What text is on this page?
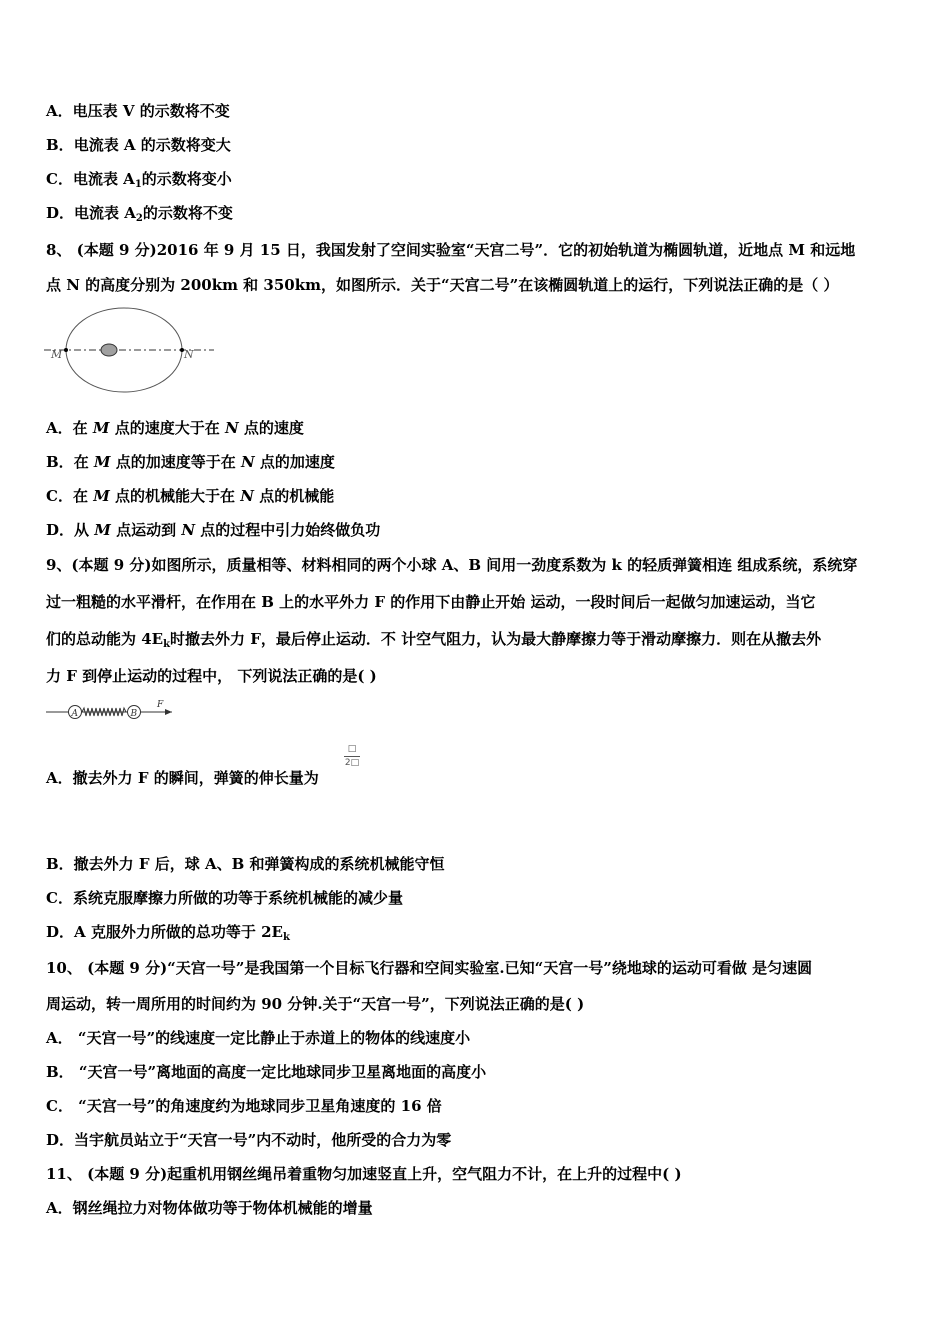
A．电压表 V 的示数将不变
B．电流表 A 的示数将变大
C．电流表 $A_1$的示数将变小
D．电流表 $A_2$的示数将不变
8、 (本题 9 分)2016 年 9 月 15 日，我国发射了空间实验室“天宫二号”．它的初始轨道为椭圆轨道，近地点 M 和远地
点 N 的高度分别为 200km 和 350km，如图所示．关于“天宫二号”在该椭圆轨道上的运行，下列说法正确的是（ ）
M	N
A．在 M 点的速度大于在 N 点的速度
B．在 M 点的加速度等于在 N 点的加速度
C．在 M 点的机械能大于在 N 点的机械能
D．从 M 点运动到 N 点的过程中引力始终做负功
9、(本题 9 分)如图所示，质量相等、材料相同的两个小球 A、B 间用一劲度系数为 k 的轻质弹簧相连 组成系统，系统穿
过一粗糙的水平滑杆，在作用在 B 上的水平外力 F 的作用下由静止开始 运动，一段时间后一起做匀加速运动，当它
们的总动能为 $4E_k$时撤去外力 F，最后停止运动．不 计空气阻力，认为最大静摩擦力等于滑动摩擦力．则在从撤去外
力 F 到停止运动的过程中， 下列说法正确的是( )
A	B
F
A．撤去外力 F 的瞬间，弹簧的伸长量为
□
2□
B．撤去外力 F 后，球 A、B 和弹簧构成的系统机械能守恒
C．系统克服摩擦力所做的功等于系统机械能的减少量
D．A 克服外力所做的总功等于 $2E_k$
10、 (本题 9 分)“天宫一号”是我国第一个目标飞行器和空间实验室.已知“天宫一号”绕地球的运动可看做 是匀速圆
周运动，转一周所用的时间约为 90 分钟.关于“天宫一号”，下列说法正确的是( )
A． “天宫一号”的线速度一定比静止于赤道上的物体的线速度小
B． “天宫一号”离地面的高度一定比地球同步卫星离地面的高度小
C． “天宫一号”的角速度约为地球同步卫星角速度的 16 倍
D．当宇航员站立于“天宫一号”内不动时，他所受的合力为零
11、 (本题 9 分)起重机用钢丝绳吊着重物匀加速竖直上升，空气阻力不计，在上升的过程中( )
A．钢丝绳拉力对物体做功等于物体机械能的增量
